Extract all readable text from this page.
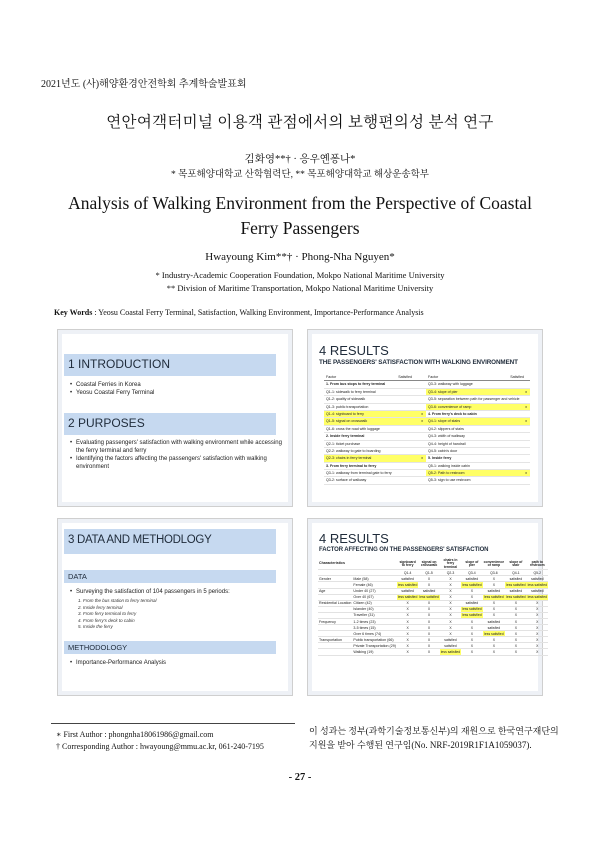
2021년도 (사)해양환경안전학회 추계학술발표회
연안여객터미널 이용객 관점에서의 보행편의성 분석 연구
김화영**† · 응우옌퐁나*
* 목포해양대학교 산학협력단, ** 목포해양대학교 해상운송학부
Analysis of Walking Environment from the Perspective of Coastal Ferry Passengers
Hwayoung Kim**† · Phong-Nha Nguyen*
* Industry-Academic Cooperation Foundation, Mokpo National Maritime University
** Division of Maritime Transportation, Mokpo National Maritime University
Key Words : Yeosu Coastal Ferry Terminal, Satisfaction, Walking Environment, Importance-Performance Analysis
1 INTRODUCTION
• Coastal Ferries in Korea
• Yeosu Coastal Ferry Terminal
2 PURPOSES
• Evaluating passengers' satisfaction with walking environment while accessing the ferry terminal and ferry
• Identifying the factors affecting the passengers' satisfaction with walking environment
4 RESULTS
THE PASSENGERS' SATISFACTION WITH WALKING ENVIRONMENT
Factor	Satisfied
1. From bus stops to ferry terminal
Q1-1: sidewalk to ferry terminal
Q1-2: quality of sidewalk
Q1-3: public transportation
Q1-4: signboard to ferry	x
Q1-5: signal on crosswalk	x
Q1-6: cross the road with luggage
2. Inside ferry terminal
Q2-1: ticket purchase
Q2-2: walkway to gate to boarding
Q2-3: chairs in ferry terminal	x
3. From ferry terminal to ferry
Q3-1: walkway from terminal gate to ferry
Q3-2: surface of walkway
Factor	Satisfied
Q3-3: walkway with luggage
Q3-4: slope of pier	x
Q3-5: separation between path for passenger and vehicle
Q3-6: convenience of ramp	x
4. From ferry's deck to cabin
Q4-1: slope of stairs	x
Q4-2: slippers of stairs
Q4-3: width of walkway
Q4-4: height of handrail
Q4-5: cabin's door
5. Inside ferry
Q5-1: walking inside cabin
Q5-2: Path to restroom	x
Q5-3: sign to use restroom
3 DATA AND METHODLOGY
DATA
• Surveying the satisfaction of 104 passengers in 5 periods:
1. From the bus station to ferry terminal
2. Inside ferry terminal
3. From ferry terminal to ferry
4. From ferry's deck to cabin
5. Inside the ferry
METHODOLOGY
• Importance-Performance Analysis
4 RESULTS
FACTOR AFFECTING ON THE PASSENGERS' SATISFACTION
Characteristics		signboard to ferry	signal on crosswalk	chairs in ferry terminal	slope of pier	convenience of ramp	slope of stair	path to restroom
		Q1-4	Q1-5	Q2-3	Q3-4	Q3-6	Q4-1	Q5-2
Gender	Male (58)	satisfied	X	X	satisfied	X	satisfied	satisfied
	Female (46)	less satisfied	X	X	less satisfied	X	less satisfied	less satisfied
Age	Under 40 (27)	satisfied	satisfied	X	X	satisfied	satisfied	satisfied
	Over 40 (67)	less satisfied	less satisfied	X	X	less satisfied	less satisfied	less satisfied
Residential Location	Citizen (42)	X	X	X	satisfied	X	X	X
	Islander (40)	X	X	X	less satisfied	X	X	X
	Traveller (31)	X	X	X	less satisfied	X	X	X
Frequency	1-2 times (23)	X	X	X	X	satisfied	X	X
	3-5 times (15)	X	X	X	X	satisfied	X	X
	Over 6 times (74)	X	X	X	X	less satisfied	X	X
Transportation	Public transportation (66)	X	X	satisfied	X	X	X	X
	Private Transportation (29)	X	X	satisfied	X	X	X	X
	Walking (19)	X	X	less satisfied	X	X	X	X
∗ First Author : phongnha18061986@gmail.com
† Corresponding Author : hwayoung@mmu.ac.kr, 061-240-7195
이 성과는 정부(과학기술정보통신부)의 재원으로 한국연구재단의 지원을 받아 수행된 연구임(No. NRF-2019R1F1A1059037).
- 27 -
